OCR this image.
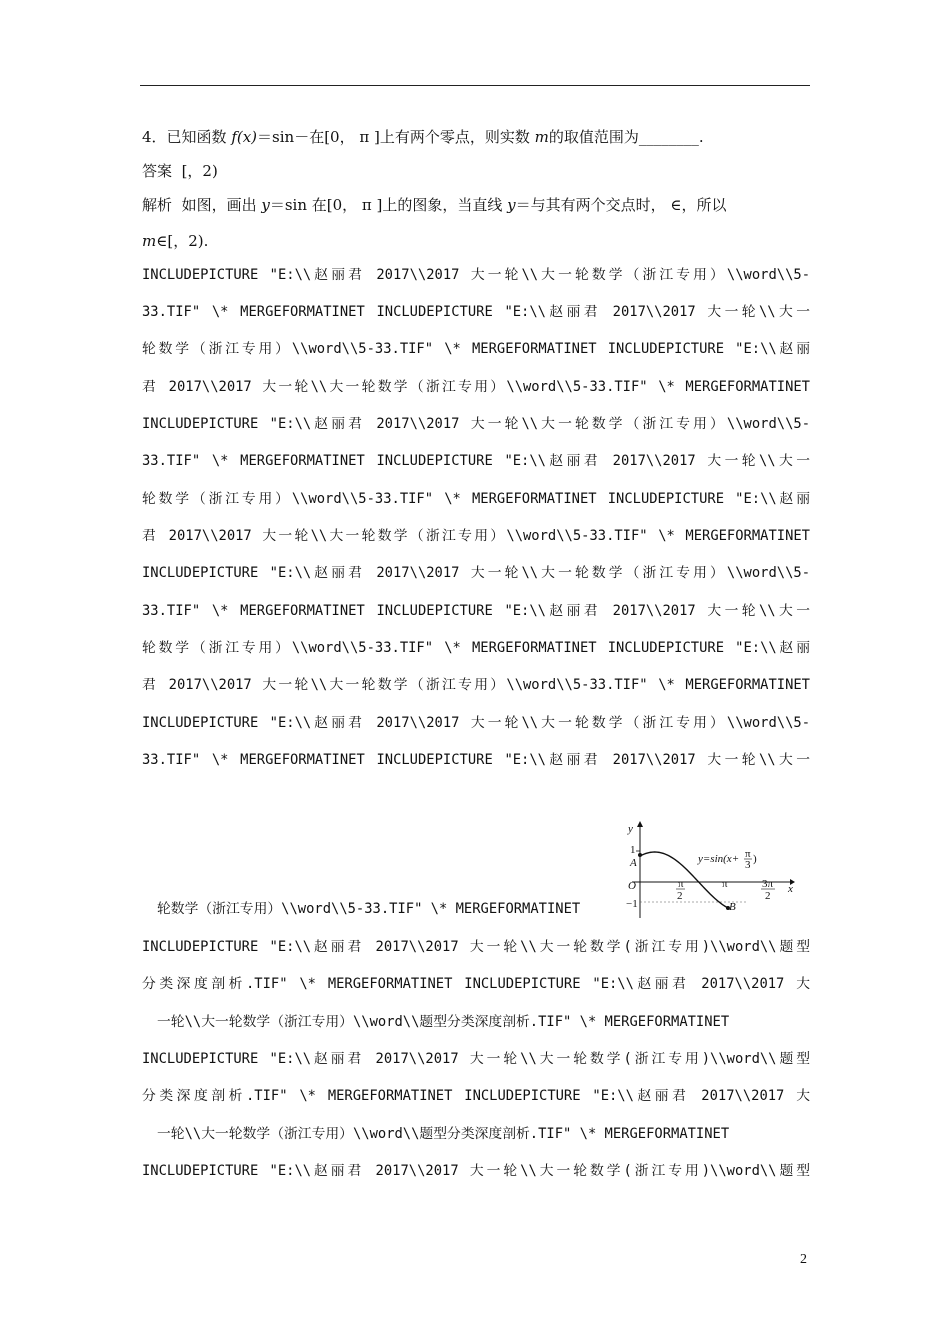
4．已知函数 f(x)＝sin－在[0， π ]上有两个零点，则实数 m的取值范围为________.
答案 [，2)
解析 如图，画出 y＝sin 在[0， π ]上的图象，当直线 y＝与其有两个交点时， ∈，所以
m∈[，2).
INCLUDEPICTURE "E:\\赵丽君 2017\\2017 大一轮\\大一轮数学（浙江专用）\\word\\5-
33.TIF" \* MERGEFORMATINET INCLUDEPICTURE "E:\\赵丽君 2017\\2017 大一轮\\大一
轮数学（浙江专用）\\word\\5-33.TIF" \* MERGEFORMATINET INCLUDEPICTURE "E:\\赵丽
君 2017\\2017 大一轮\\大一轮数学（浙江专用）\\word\\5-33.TIF" \* MERGEFORMATINET
INCLUDEPICTURE "E:\\赵丽君 2017\\2017 大一轮\\大一轮数学（浙江专用）\\word\\5-
33.TIF" \* MERGEFORMATINET INCLUDEPICTURE "E:\\赵丽君 2017\\2017 大一轮\\大一
轮数学（浙江专用）\\word\\5-33.TIF" \* MERGEFORMATINET INCLUDEPICTURE "E:\\赵丽
君 2017\\2017 大一轮\\大一轮数学（浙江专用）\\word\\5-33.TIF" \* MERGEFORMATINET
INCLUDEPICTURE "E:\\赵丽君 2017\\2017 大一轮\\大一轮数学（浙江专用）\\word\\5-
33.TIF" \* MERGEFORMATINET INCLUDEPICTURE "E:\\赵丽君 2017\\2017 大一轮\\大一
轮数学（浙江专用）\\word\\5-33.TIF" \* MERGEFORMATINET INCLUDEPICTURE "E:\\赵丽
君 2017\\2017 大一轮\\大一轮数学（浙江专用）\\word\\5-33.TIF" \* MERGEFORMATINET
INCLUDEPICTURE "E:\\赵丽君 2017\\2017 大一轮\\大一轮数学（浙江专用）\\word\\5-
33.TIF" \* MERGEFORMATINET INCLUDEPICTURE "E:\\赵丽君 2017\\2017 大一轮\\大一
轮数学（浙江专用）\\word\\5-33.TIF" \* MERGEFORMATINET
y
x
O
1
−1
A
B
π
2
π	3π
2
y=sin(x+ π
3 )
INCLUDEPICTURE "E:\\赵丽君 2017\\2017 大一轮\\大一轮数学(浙江专用)\\word\\题型
分类深度剖析.TIF" \* MERGEFORMATINET INCLUDEPICTURE "E:\\赵丽君 2017\\2017 大
一轮\\大一轮数学（浙江专用）\\word\\题型分类深度剖析.TIF" \* MERGEFORMATINET
INCLUDEPICTURE "E:\\赵丽君 2017\\2017 大一轮\\大一轮数学(浙江专用)\\word\\题型
分类深度剖析.TIF" \* MERGEFORMATINET INCLUDEPICTURE "E:\\赵丽君 2017\\2017 大
一轮\\大一轮数学（浙江专用）\\word\\题型分类深度剖析.TIF" \* MERGEFORMATINET
INCLUDEPICTURE "E:\\赵丽君 2017\\2017 大一轮\\大一轮数学(浙江专用)\\word\\题型
2
